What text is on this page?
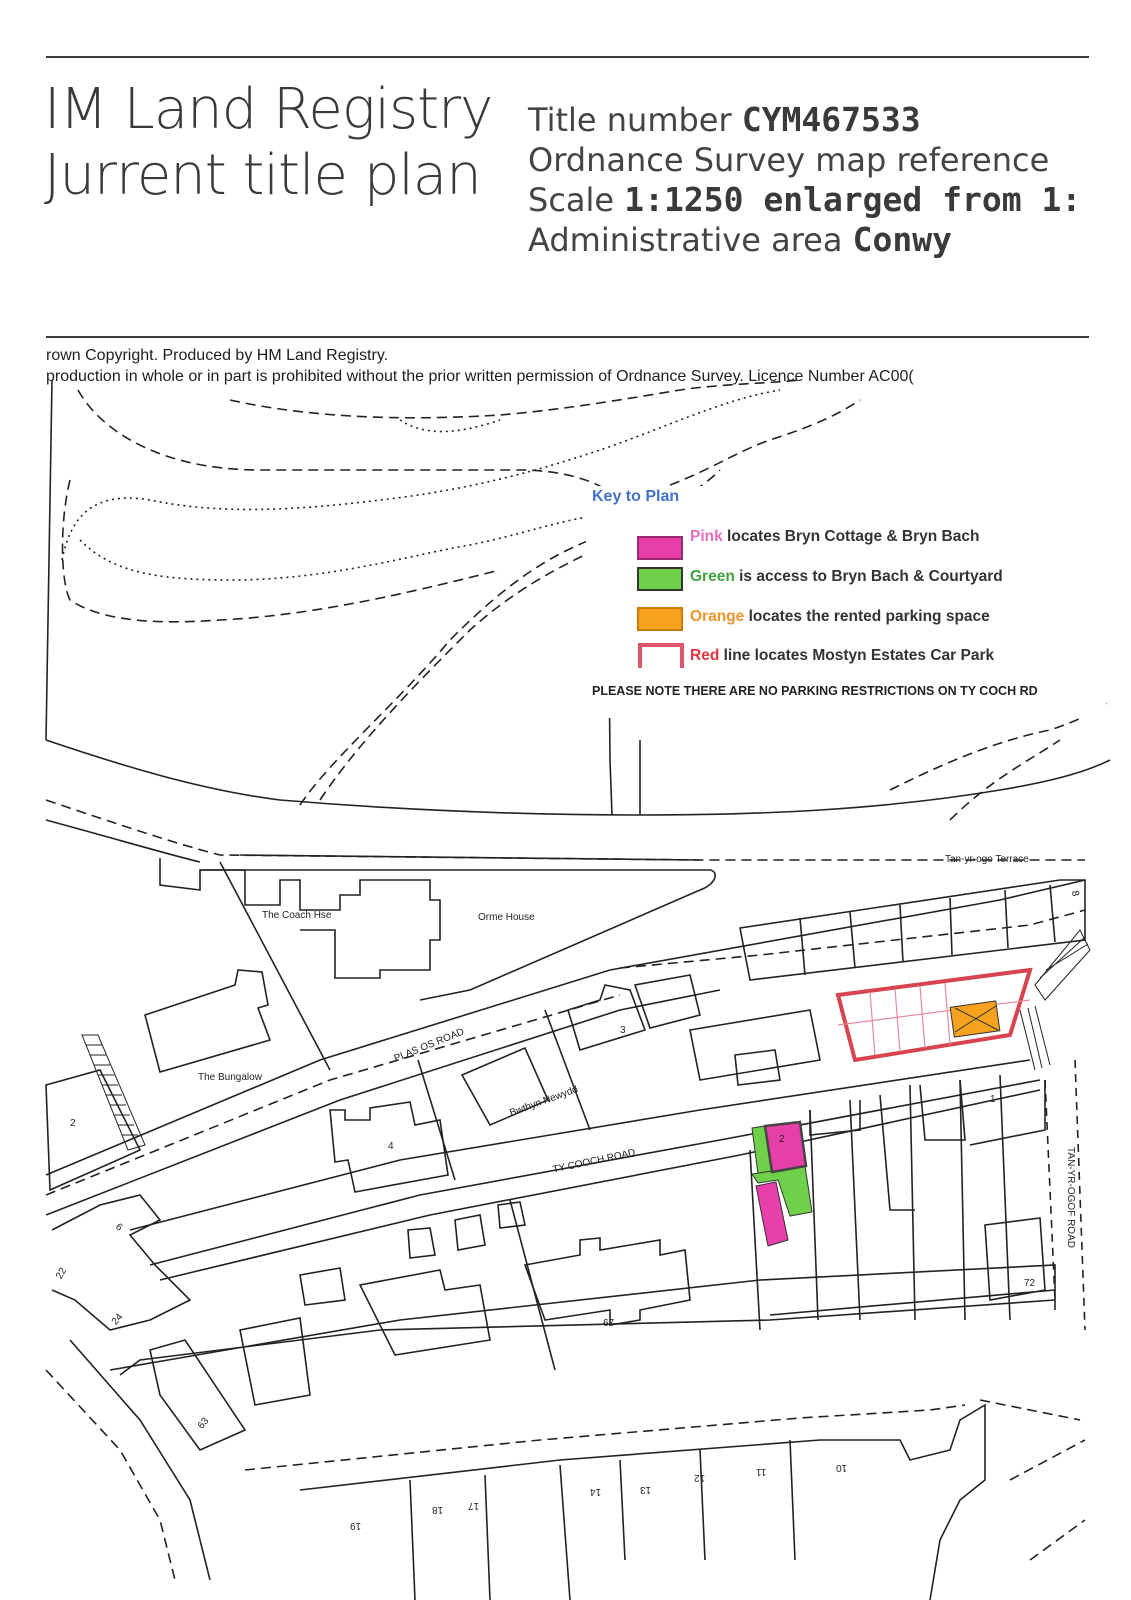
IM Land Registry
Jurrent title plan
Title number CYM467533
Ordnance Survey map reference
Scale 1:1250 enlarged from 1:
Administrative area Conwy
rown Copyright. Produced by HM Land Registry.
production in whole or in part is prohibited without the prior written permission of Ordnance Survey. Licence Number AC00(
Key to Plan
Pink locates Bryn Cottage & Bryn Bach
Green is access to Bryn Bach & Courtyard
Orange locates the rented parking space
Red line locates Mostyn Estates Car Park
PLEASE NOTE THERE ARE NO PARKING RESTRICTIONS ON TY COCH RD
Tan-yr-ogo Terrace
The Coach Hse	Orme House
PLAS OS ROAD
The Bungalow
Bwthyn Newydd
TY COOCH ROAD	TAN-YR-OGOF ROAD
2
3
4
1
2
67
72
63
22
24
8
6
10
11
12
13
14
17
18
19
